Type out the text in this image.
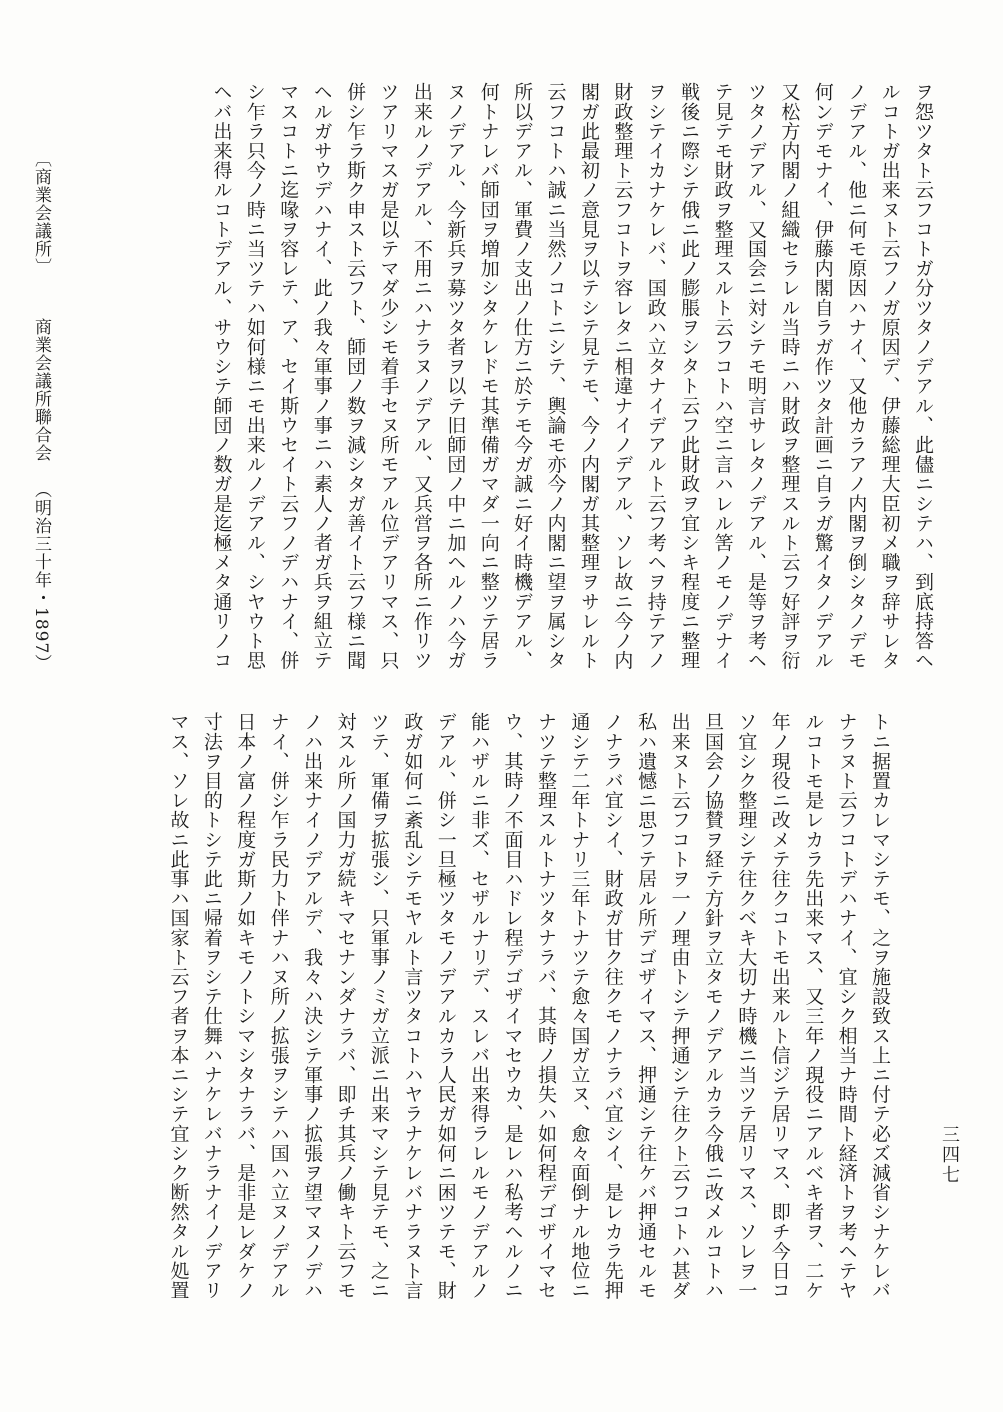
ヲ怨ツタト云フコトガ分ツタノデアル、此儘ニシテハ、到底持答ヘ
ルコトガ出来ヌト云フノガ原因デ、伊藤総理大臣初メ職ヲ辞サレタ
ノデアル、他ニ何モ原因ハナイ、又他カラアノ内閣ヲ倒シタノデモ
何ンデモナイ、伊藤内閣自ラガ作ツタ計画ニ自ラガ驚イタノデアル
又松方内閣ノ組織セラレル当時ニハ財政ヲ整理スルト云フ好評ヲ衍
ツタノデアル、又国会ニ対シテモ明言サレタノデアル、是等ヲ考ヘ
テ見テモ財政ヲ整理スルト云フコトハ空ニ言ハレル筈ノモノデナイ
戦後ニ際シテ俄ニ此ノ膨脹ヲシタト云フ此財政ヲ宜シキ程度ニ整理
ヲシテイカナケレバ、国政ハ立タナイデアルト云フ考ヘヲ持テアノ
財政整理ト云フコトヲ容レタニ相違ナイノデアル、ソレ故ニ今ノ内
閣ガ此最初ノ意見ヲ以テシテ見テモ、今ノ内閣ガ其整理ヲサレルト
云フコトハ誠ニ当然ノコトニシテ、輿論モ亦今ノ内閣ニ望ヲ属シタ
所以デアル、軍費ノ支出ノ仕方ニ於テモ今ガ誠ニ好イ時機デアル、
何トナレバ師団ヲ増加シタケレドモ其準備ガマダ一向ニ整ツテ居ラ
ヌノデアル、今新兵ヲ募ツタ者ヲ以テ旧師団ノ中ニ加ヘルノハ今ガ
出来ルノデアル、不用ニハナラヌノデアル、又兵営ヲ各所ニ作リツ
ツアリマスガ是以テマダ少シモ着手セヌ所モアル位デアリマス、只
併シ乍ラ斯ク申スト云フト、師団ノ数ヲ減シタガ善イト云フ様ニ聞
ヘルガサウデハナイ、此ノ我々軍事ノ事ニハ素人ノ者ガ兵ヲ組立テ
マスコトニ迄喙ヲ容レテ、ア、セイ斯ウセイト云フノデハナイ、併
シ乍ラ只今ノ時ニ当ツテハ如何様ニモ出来ルノデアル、シヤウト思
ヘバ出来得ルコトデアル、サウシテ師団ノ数ガ是迄極メタ通リノコ
トニ据置カレマシテモ、之ヲ施設致ス上ニ付テ必ズ減省シナケレバ
ナラヌト云フコトデハナイ、宜シク相当ナ時間ト経済トヲ考ヘテヤ
ルコトモ是レカラ先出来マス、又三年ノ現役ニアルベキ者ヲ、二ケ
年ノ現役ニ改メテ往クコトモ出来ルト信ジテ居リマス、即チ今日コ
ソ宜シク整理シテ往クベキ大切ナ時機ニ当ツテ居リマス、ソレヲ一
旦国会ノ協賛ヲ経テ方針ヲ立タモノデアルカラ今俄ニ改メルコトハ
出来ヌト云フコトヲ一ノ理由トシテ押通シテ往クト云フコトハ甚ダ
私ハ遺憾ニ思フテ居ル所デゴザイマス、押通シテ往ケバ押通セルモ
ノナラバ宜シイ、財政ガ甘ク往クモノナラバ宜シイ、是レカラ先押
通シテ二年トナリ三年トナツテ愈々国ガ立ヌ、愈々面倒ナル地位ニ
ナツテ整理スルトナツタナラバ、其時ノ損失ハ如何程デゴザイマセ
ウ、其時ノ不面目ハドレ程デゴザイマセウカ、是レハ私考ヘルノニ
能ハザルニ非ズ、セザルナリデ、スレバ出来得ラレルモノデアルノ
デアル、併シ一旦極ツタモノデアルカラ人民ガ如何ニ困ツテモ、財
政ガ如何ニ紊乱シテモヤルト言ツタコトハヤラナケレバナラヌト言
ツテ、軍備ヲ拡張シ、只軍事ノミガ立派ニ出来マシテ見テモ、之ニ
対スル所ノ国力ガ続キマセナンダナラバ、即チ其兵ノ働キト云フモ
ノハ出来ナイノデアルデ、我々ハ決シテ軍事ノ拡張ヲ望マヌノデハ
ナイ、併シ乍ラ民力ト伴ナハヌ所ノ拡張ヲシテハ国ハ立ヌノデアル
日本ノ富ノ程度ガ斯ノ如キモノトシマシタナラバ、是非是レダケノ
寸法ヲ目的トシテ此ニ帰着ヲシテ仕舞ハナケレバナラナイノデアリ
マス、ソレ故ニ此事ハ国家ト云フ者ヲ本ニシテ宜シク断然タル処置
〔商業会議所〕 商業会議所聯合会 （明治三十年・1897）
三四七
